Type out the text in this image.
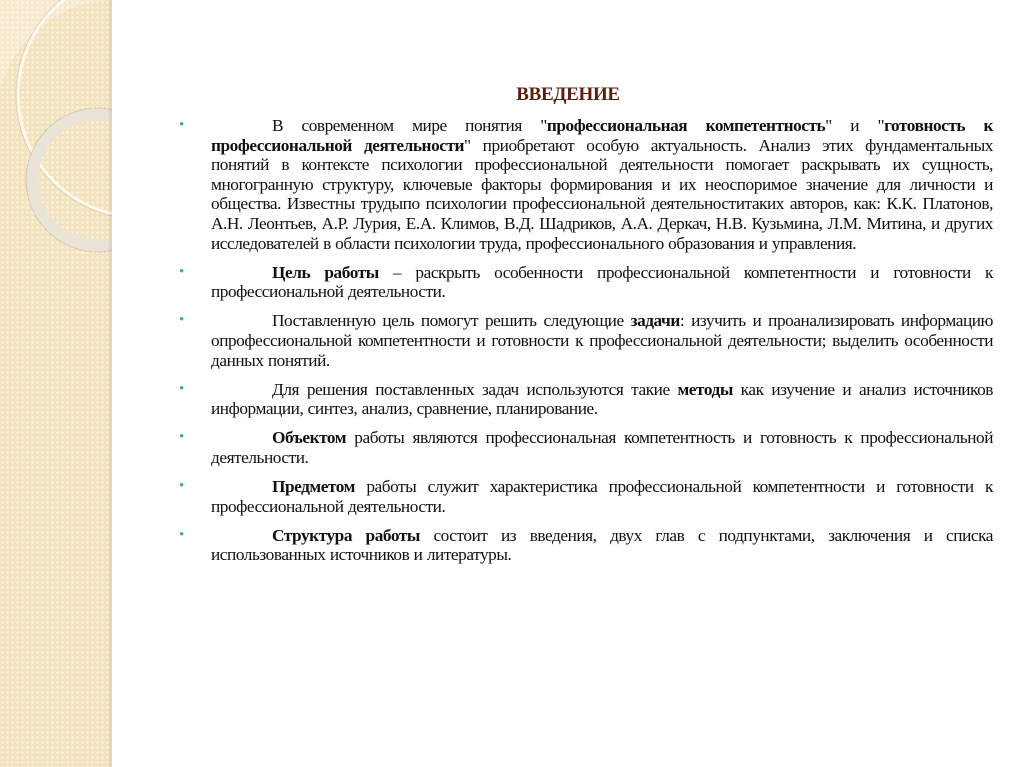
ВВЕДЕНИЕ
•	В современном мире понятия "профессиональная компетентность" и "готовность к профессиональной деятельности" приобретают особую актуальность. Анализ этих фундаментальных понятий в контексте психологии профессиональной деятельности помогает раскрывать их сущность, многогранную структуру, ключевые факторы формирования и их неоспоримое значение для личности и общества. Известны трудыпо психологии профессиональной деятельноститаких авторов, как: К.К. Платонов, А.Н. Леонтьев, А.Р. Лурия, Е.А. Климов, В.Д. Шадриков, А.А. Деркач, Н.В. Кузьмина, Л.М. Митина, и других исследователей в области психологии труда, профессионального образования и управления.
•	Цель работы – раскрыть особенности профессиональной компетентности и готовности к профессиональной деятельности.
•	Поставленную цель помогут решить следующие задачи: изучить и проанализировать информацию опрофессиональной компетентности и готовности к профессиональной деятельности; выделить особенности данных понятий.
•	Для решения поставленных задач используются такие методы как изучение и анализ источников информации, синтез, анализ, сравнение, планирование.
•	Объектом работы являются профессиональная компетентность и готовность к профессиональной деятельности.
•	Предметом работы служит характеристика профессиональной компетентности и готовности к профессиональной деятельности.
•	Структура работы состоит из введения, двух глав с подпунктами, заключения и списка использованных источников и литературы.
